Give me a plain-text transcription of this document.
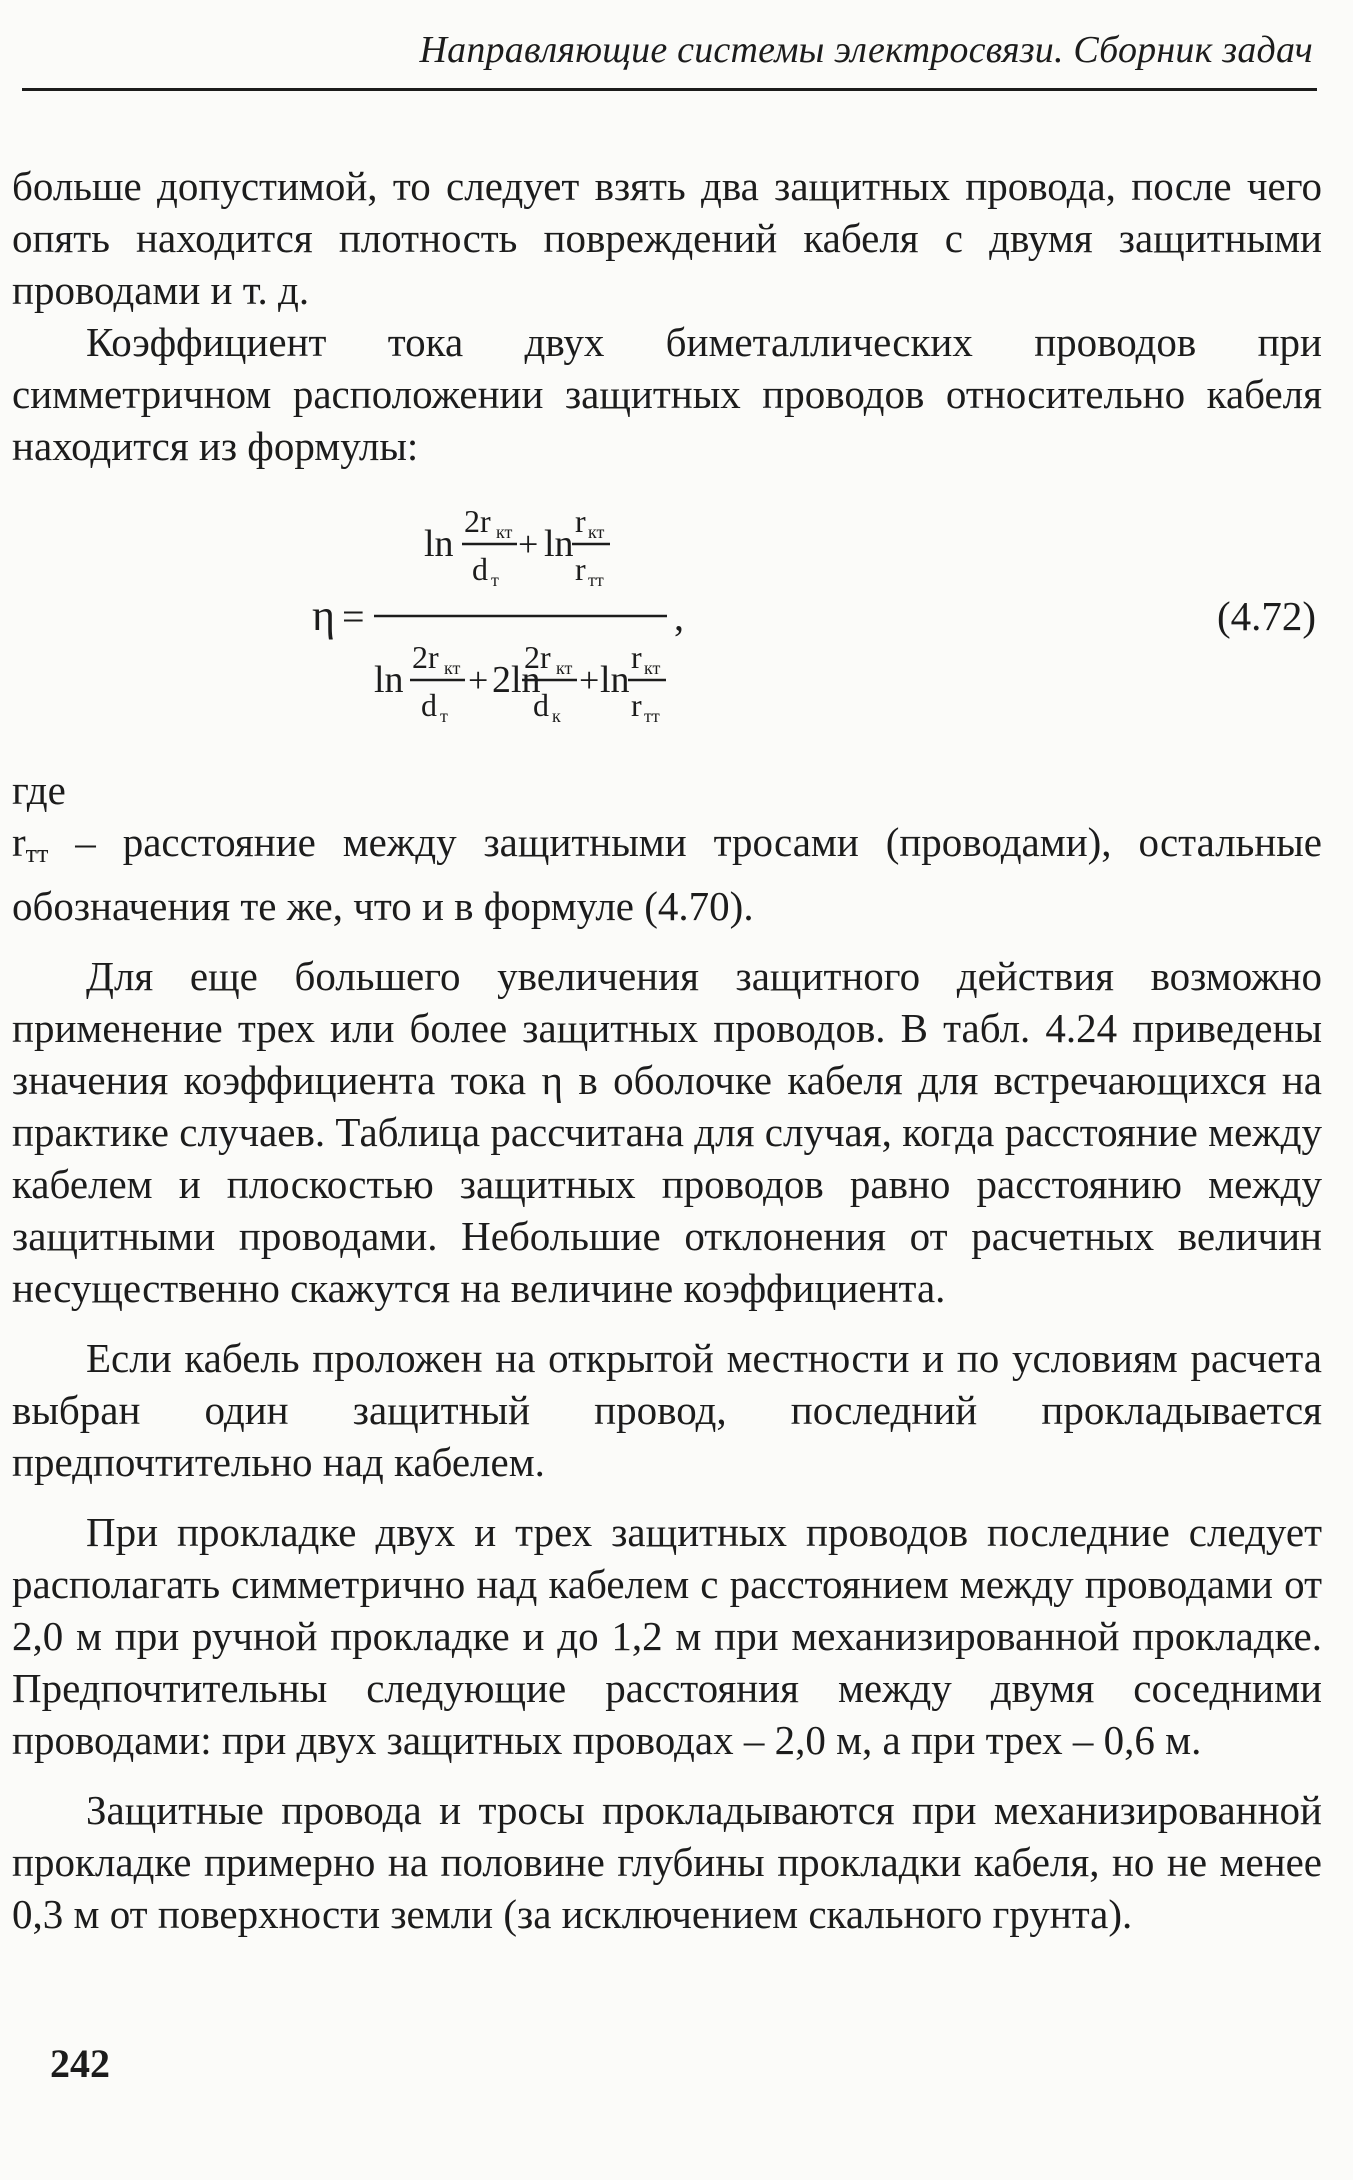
Направляющие системы электросвязи. Сборник задач

больше допустимой, то следует взять два защитных провода, после чего опять находится плотность повреждений кабеля с двумя защитными проводами и т. д.

Коэффициент тока двух биметаллических проводов при симметричном расположении защитных проводов относительно кабеля находится из формулы:

η =
ln
2r кт
d т
+ ln
r кт
r тт
,
ln
2r кт
d т
+ 2ln
2r кт
d к
+ ln
r кт
r тт
(4.72)

где

rтт – расстояние между защитными тросами (проводами), остальные обозначения те же, что и в формуле (4.70).

Для еще большего увеличения защитного действия возможно применение трех или более защитных проводов. В табл. 4.24 приведены значения коэффициента тока η в оболочке кабеля для встречающихся на практике случаев. Таблица рассчитана для случая, когда расстояние между кабелем и плоскостью защитных проводов равно расстоянию между защитными проводами. Небольшие отклонения от расчетных величин несущественно скажутся на величине коэффициента.

Если кабель проложен на открытой местности и по условиям расчета выбран один защитный провод, последний прокладывается предпочтительно над кабелем.

При прокладке двух и трех защитных проводов последние следует располагать симметрично над кабелем с расстоянием между проводами от 2,0 м при ручной прокладке и до 1,2 м при механизированной прокладке. Предпочтительны следующие расстояния между двумя соседними проводами: при двух защитных проводах – 2,0 м, а при трех – 0,6 м.

Защитные провода и тросы прокладываются при механизированной прокладке примерно на половине глубины прокладки кабеля, но не менее 0,3 м от поверхности земли (за исключением скального грунта).

242
